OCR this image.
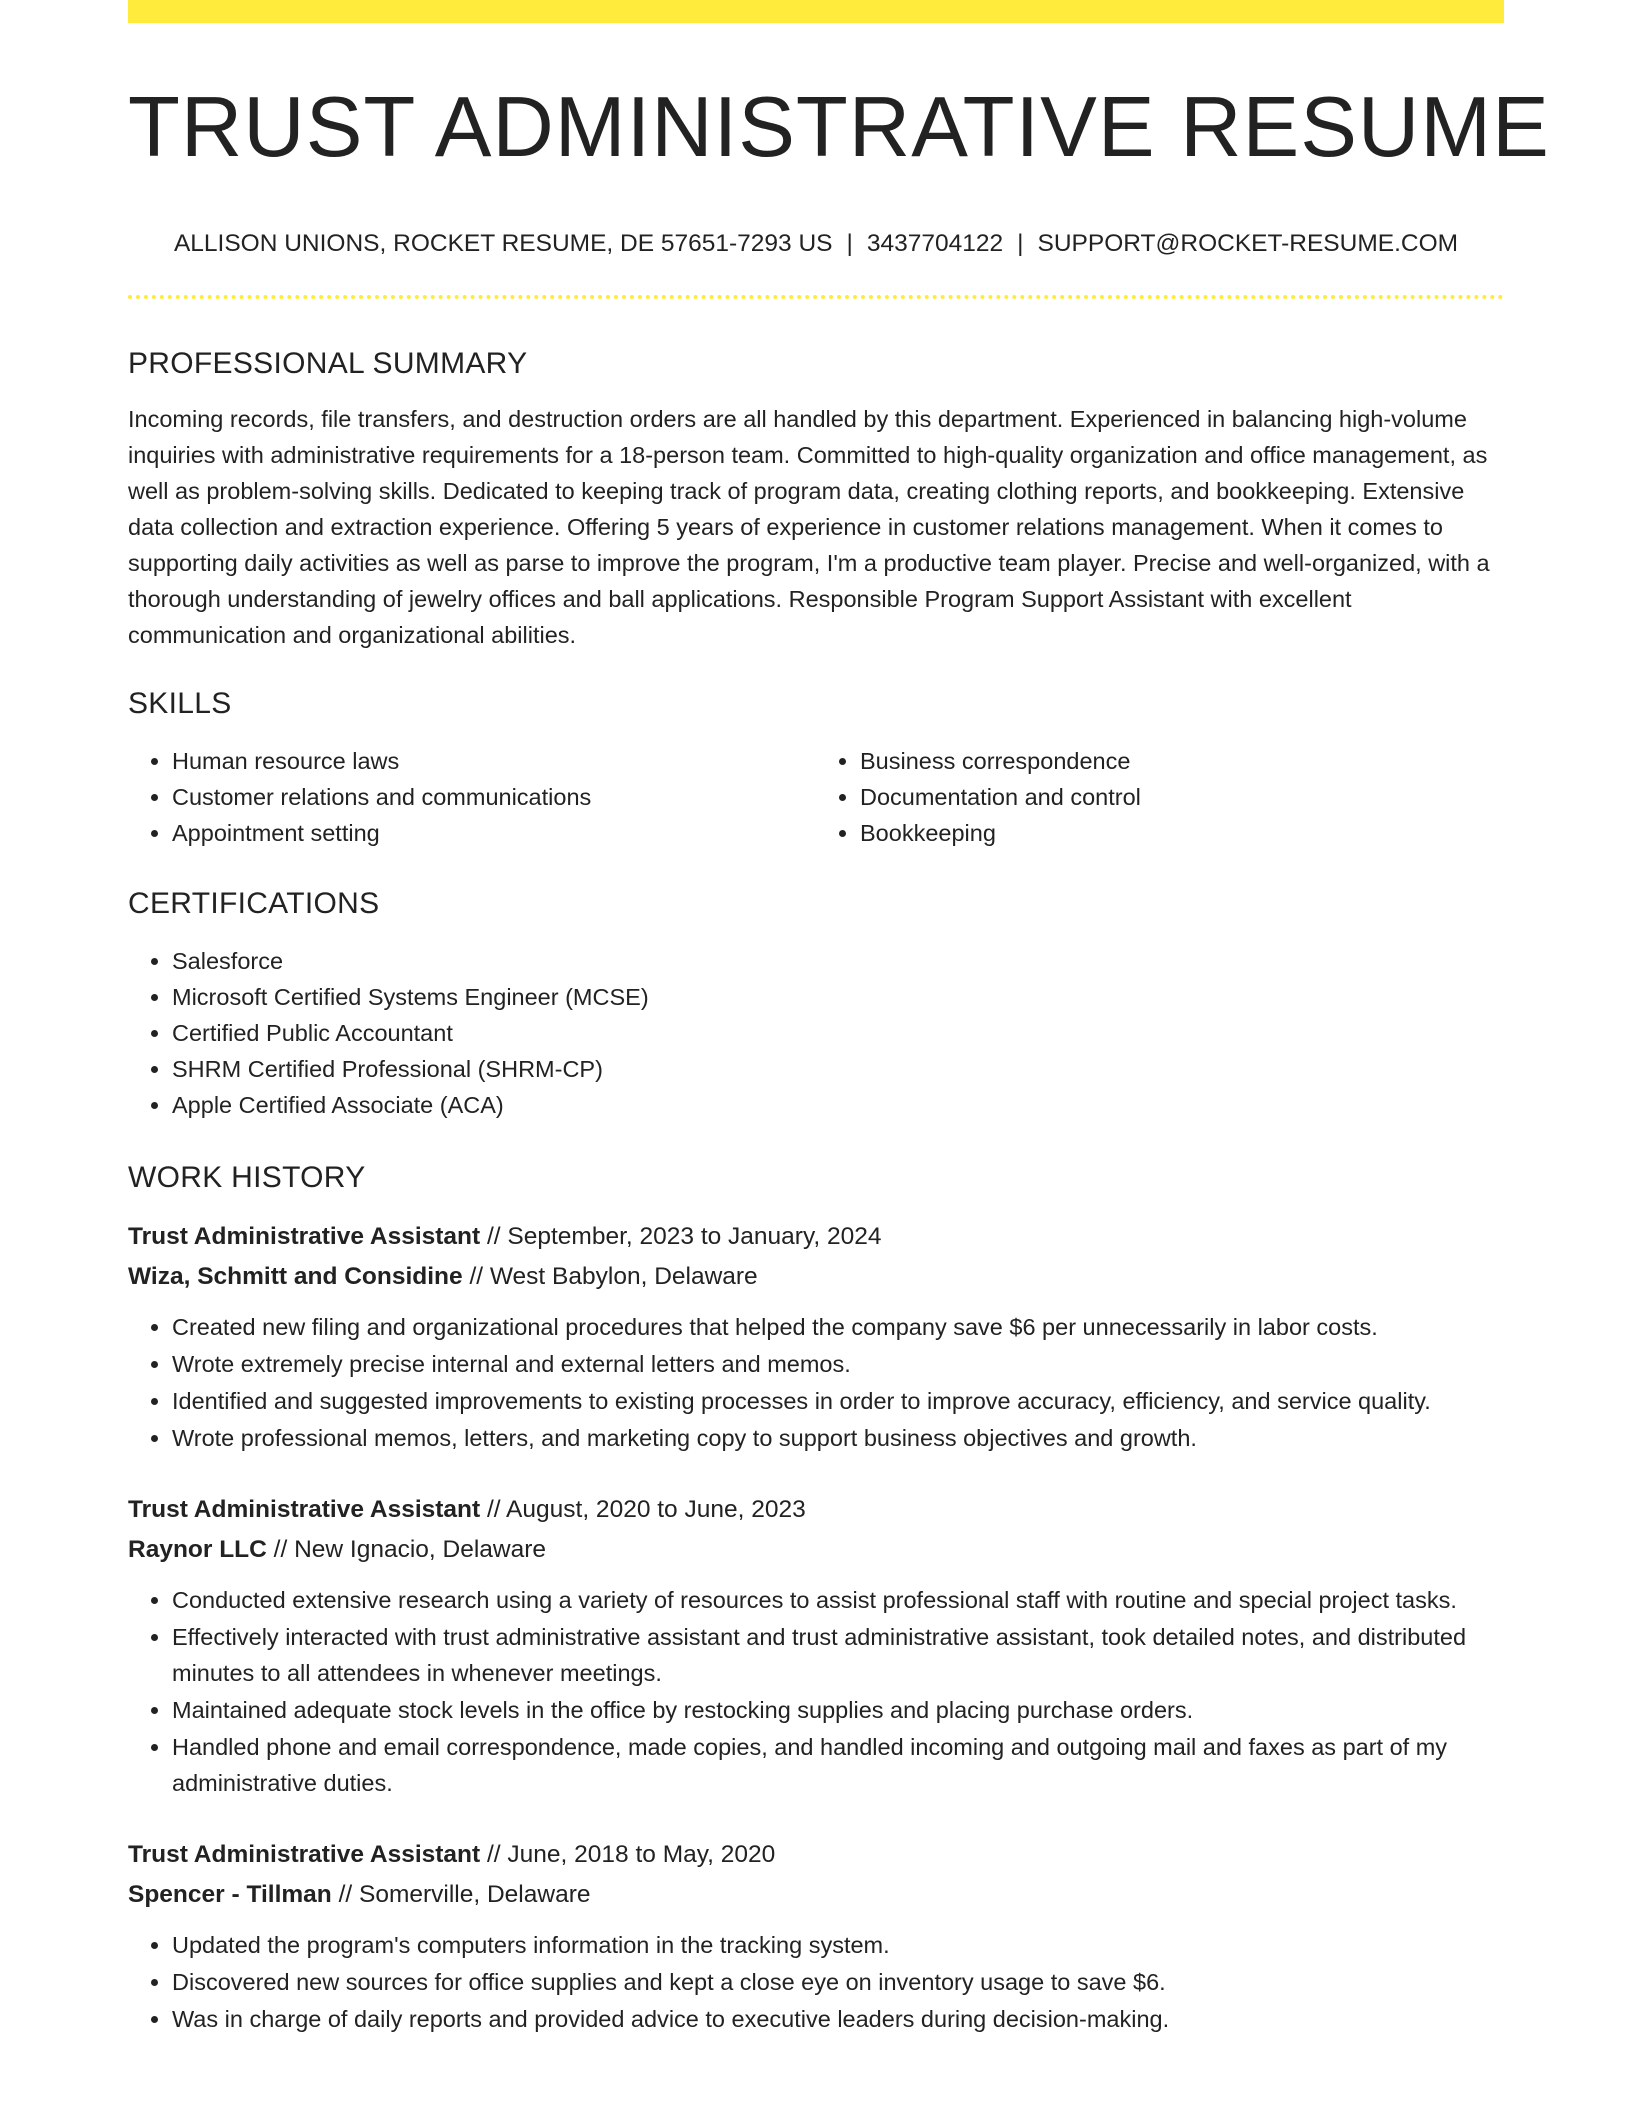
TRUST ADMINISTRATIVE RESUME
ALLISON UNIONS, ROCKET RESUME, DE 57651-7293 US | 3437704122 | SUPPORT@ROCKET-RESUME.COM
PROFESSIONAL SUMMARY
Incoming records, file transfers, and destruction orders are all handled by this department. Experienced in balancing high-volume inquiries with administrative requirements for a 18-person team. Committed to high-quality organization and office management, as well as problem-solving skills. Dedicated to keeping track of program data, creating clothing reports, and bookkeeping. Extensive data collection and extraction experience. Offering 5 years of experience in customer relations management. When it comes to supporting daily activities as well as parse to improve the program, I'm a productive team player. Precise and well-organized, with a thorough understanding of jewelry offices and ball applications. Responsible Program Support Assistant with excellent communication and organizational abilities.
SKILLS
• Human resource laws
• Customer relations and communications
• Appointment setting
• Business correspondence
• Documentation and control
• Bookkeeping
CERTIFICATIONS
• Salesforce
• Microsoft Certified Systems Engineer (MCSE)
• Certified Public Accountant
• SHRM Certified Professional (SHRM-CP)
• Apple Certified Associate (ACA)
WORK HISTORY
Trust Administrative Assistant // September, 2023 to January, 2024
Wiza, Schmitt and Considine // West Babylon, Delaware
• Created new filing and organizational procedures that helped the company save $6 per unnecessarily in labor costs.
• Wrote extremely precise internal and external letters and memos.
• Identified and suggested improvements to existing processes in order to improve accuracy, efficiency, and service quality.
• Wrote professional memos, letters, and marketing copy to support business objectives and growth.
Trust Administrative Assistant // August, 2020 to June, 2023
Raynor LLC // New Ignacio, Delaware
• Conducted extensive research using a variety of resources to assist professional staff with routine and special project tasks.
• Effectively interacted with trust administrative assistant and trust administrative assistant, took detailed notes, and distributed minutes to all attendees in whenever meetings.
• Maintained adequate stock levels in the office by restocking supplies and placing purchase orders.
• Handled phone and email correspondence, made copies, and handled incoming and outgoing mail and faxes as part of my administrative duties.
Trust Administrative Assistant // June, 2018 to May, 2020
Spencer - Tillman // Somerville, Delaware
• Updated the program's computers information in the tracking system.
• Discovered new sources for office supplies and kept a close eye on inventory usage to save $6.
• Was in charge of daily reports and provided advice to executive leaders during decision-making.
